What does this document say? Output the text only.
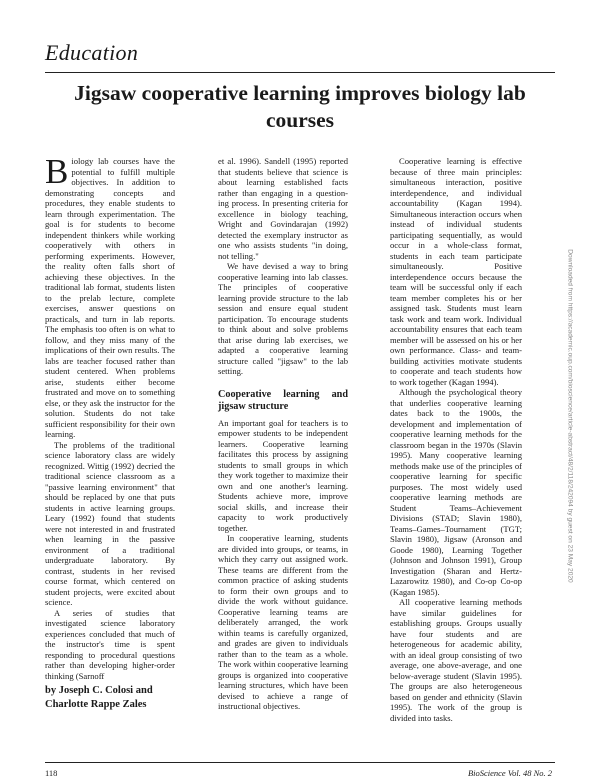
Education
Jigsaw cooperative learning improves biology lab courses

Biology lab courses have the potential to fulfill multiple objectives. In addition to demonstrating concepts and procedures, they enable students to learn through experimentation. The goal is for students to become independent thinkers while working cooperatively with others in performing experiments. However, the reality often falls short of achieving these objectives. In the traditional lab format, students listen to the prelab lecture, complete exercises, answer questions on practicals, and turn in lab reports. The emphasis too often is on what to follow, and they miss many of the implications of their own results. The labs are teacher focused rather than student centered. When problems arise, students either become frustrated and move on to something else, or they ask the instructor for the solution. Students do not take sufficient responsibility for their own learning.

The problems of the traditional science laboratory class are widely recognized. Wittig (1992) decried the traditional science classroom as a "passive learning environment" that should be replaced by one that puts students in active learning groups. Leary (1992) found that students were not interested in and frustrated when learning in the passive environment of a traditional undergraduate laboratory. By contrast, students in her revised course format, which centered on student projects, were excited about science.

A series of studies that investigated science laboratory experiences concluded that much of the instructor's time is spent responding to procedural questions rather than developing higher-order thinking (Sarnoff

et al. 1996). Sandell (1995) reported that students believe that science is about learning established facts rather than engaging in a question-ing process. In presenting criteria for excellence in biology teaching, Wright and Govindarajan (1992) detected the exemplary instructor as one who assists students "in doing, not telling."

We have devised a way to bring cooperative learning into lab classes. The principles of cooperative learning provide structure to the lab session and ensure equal student participation. To encourage students to think about and solve problems that arise during lab exercises, we adapted a cooperative learning structure called "jigsaw" to the lab setting.

Cooperative learning and jigsaw structure

An important goal for teachers is to empower students to be independent learners. Cooperative learning facilitates this process by assigning students to small groups in which they work together to maximize their own and one another's learning. Students achieve more, improve social skills, and increase their capacity to work productively together.

In cooperative learning, students are divided into groups, or teams, in which they carry out assigned work. These teams are different from the common practice of asking students to form their own groups and to divide the work without guidance. Cooperative learning teams are deliberately arranged, the work within teams is carefully organized, and grades are given to individuals rather than to the team as a whole. The work within cooperative learning groups is organized into cooperative learning structures, which have been devised to achieve a range of instructional objectives.

Cooperative learning is effective because of three main principles: simultaneous interaction, positive interdependence, and individual accountability (Kagan 1994). Simultaneous interaction occurs when instead of individual students participating sequentially, as would occur in a whole-class format, students in each team participate simultaneously. Positive interdependence occurs because the team will be successful only if each team member completes his or her assigned task. Students must learn task work and team work. Individual accountability ensures that each team member will be assessed on his or her own performance. Class- and team-building activities motivate students to cooperate and teach students how to work together (Kagan 1994).

Although the psychological theory that underlies cooperative learning dates back to the 1900s, the development and implementation of cooperative learning methods for the classroom began in the 1970s (Slavin 1995). Many cooperative learning methods make use of the principles of cooperative learning for specific purposes. The most widely used cooperative learning methods are Student Teams–Achievement Divisions (STAD; Slavin 1980), Teams–Games–Tournament (TGT; Slavin 1980), Jigsaw (Aronson and Goode 1980), Learning Together (Johnson and Johnson 1991), Group Investigation (Sharan and Hertz-Lazarowitz 1980), and Co-op Co-op (Kagan 1985).

All cooperative learning methods have similar guidelines for establishing groups. Groups usually have four students and are heterogeneous for academic ability, with an ideal group consisting of two average, one above-average, and one below-average student (Slavin 1995). The groups are also heterogeneous based on gender and ethnicity (Slavin 1995). The work of the group is divided into tasks.

by Joseph C. Colosi and
Charlotte Rappe Zales
Downloaded from https://academic.oup.com/bioscience/article-abstract/48/2/118/242094 by guest on 23 May 2020
118	BioScience Vol. 48 No. 2
